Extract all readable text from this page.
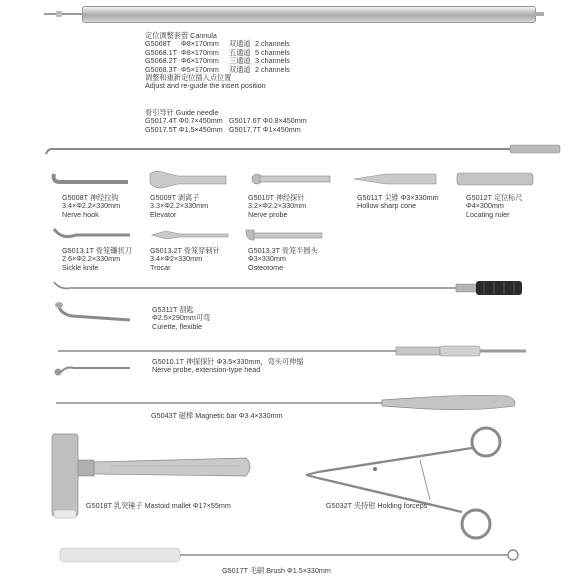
定位调整套管 Cannula
G5068T Φ8×170mm 双通道 2 channels
G5068.1T Φ8×170mm 五通道 5 channels
G5068.2T Φ6×170mm 三通道 3 channels
G5068.3T Φ5×170mm 双通道 2 channels
调整和重新定位插入点位置
Adjust and re-guide the insert position
骨引导针 Guide needle
G5017.4T Φ0.7×450mm G5017.6T Φ0.8×450mm
G5017.5T Φ1.5×450mm G5017.7T Φ1×450mm
G5008T 神经拉钩
3.4×Φ2.2×330mm
Nerve hook
G5009T 剥离子
3.3×Φ2.2×330mm
Elevator
G5010T 神经探针
3.2×Φ2.2×330mm
Nerve probe
G5011T 尖锥 Φ3×330mm
Hollow sharp cone
G5012T 定位标尺
Φ4×300mm
Locating ruler
G5013.1T 骨笼镰状刀
2.6×Φ2.2×330mm
Sickle knife
G5013.2T 骨笼穿刺针
3.4×Φ2×330mm
Trocar
G5013.3T 骨笼半圆头
Φ3×330mm
Osteotome
G5311T 刮匙
Φ2.5×290mm可弯
Curette, flexible
G5010.1T 神探探针 Φ3.5×330mm，弯头可伸缩
Nerve probe, extension-type head
G5043T 磁棒 Magnetic bar Φ3.4×330mm
G5018T 乳突锤子 Mastoid mallet Φ17×55mm	G5032T 夹持钳 Holding forceps
G5017T 毛刷 Brush Φ1.5×330mm
